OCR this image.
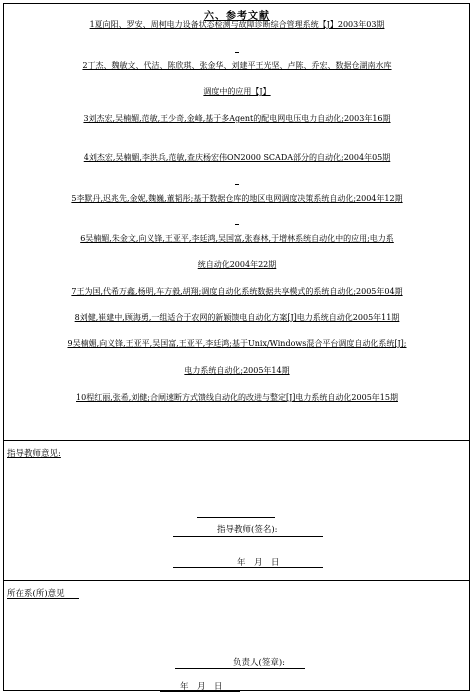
六、参考文献
1夏向阳、罗安、周柯电力设备状态检测与故障诊断综合管理系统【J】2003年03期
2丁杰、魏敏文、代洁、陈欣琪、张金华、刘建平王光坚、卢陈、乔宏、数据仓湖南水库
调度中的应用【J】
3刘杰宏,吴楠媚,范敏,王少奇,金峰,基于多Agent的配电网电压电力自动化;2003年16期
4刘杰宏,吴楠媚,李洪兵,范敏,查庆杨宏伟ON2000 SCADA部分的自动化;2004年05期
5李默丹,迟兆先,金妮,魏巍,董韬彤;基于数据仓库的地区电网调度决策系统自动化;2004年12期
6吴楠媚,朱金文,向义锋,王亚平,李廷鸿,吴国富,张春林,于增林系统自动化中的应用;电力系
统自动化2004年22期
7王为国,代希万鑫,杨明,车方毅,胡翔;调度自动化系统数据共享模式的系统自动化;2005年04期
8刘健,崔建中,顾海勇,一组适合于农网的新颖馈电自动化方案[J]电力系统自动化2005年11期
9吴楠媚,向义锋,王亚平,吴国富,王亚平,李廷鸿;基于Unix/Windows混合平台调度自动化系统[J];
电力系统自动化;2005年14期
10程红丽,张希,刘健;合闸速断方式馈线自动化的改进与整定[J]电力系统自动化2005年15期
指导教师意见:
指导教师(签名):
年　月　日
所在系(所)意见
负责人(签章):
年　月　日
